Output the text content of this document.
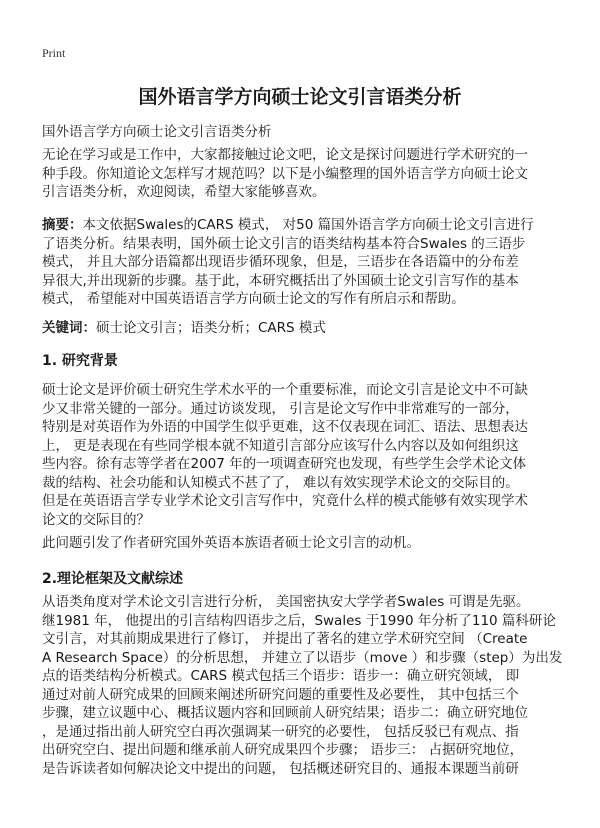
Print
国外语言学方向硕士论文引言语类分析
国外语言学方向硕士论文引言语类分析
无论在学习或是工作中，大家都接触过论文吧，论文是探讨问题进行学术研究的一
种手段。你知道论文怎样写才规范吗？以下是小编整理的国外语言学方向硕士论文
引言语类分析，欢迎阅读，希望大家能够喜欢。
摘要：本文依据Swales的CARS 模式， 对50 篇国外语言学方向硕士论文引言进行
了语类分析。结果表明，国外硕士论文引言的语类结构基本符合Swales 的三语步
模式， 并且大部分语篇都出现语步循环现象，但是，三语步在各语篇中的分布差
异很大,并出现新的步骤。基于此，本研究概括出了外国硕士论文引言写作的基本
模式， 希望能对中国英语语言学方向硕士论文的写作有所启示和帮助。
关键词：硕士论文引言；语类分析；CARS 模式
1. 研究背景
硕士论文是评价硕士研究生学术水平的一个重要标准，而论文引言是论文中不可缺
少又非常关键的一部分。通过访谈发现， 引言是论文写作中非常难写的一部分，
特别是对英语作为外语的中国学生似乎更难，这不仅表现在词汇、语法、思想表达
上， 更是表现在有些同学根本就不知道引言部分应该写什么内容以及如何组织这
些内容。徐有志等学者在2007 年的一项调查研究也发现，有些学生会学术论文体
裁的结构、社会功能和认知模式不甚了了， 难以有效实现学术论文的交际目的。
但是在英语语言学专业学术论文引言写作中，究竟什么样的模式能够有效实现学术
论文的交际目的？
此问题引发了作者研究国外英语本族语者硕士论文引言的动机。
2.理论框架及文献综述
从语类角度对学术论文引言进行分析， 美国密执安大学学者Swales 可谓是先驱。
继1981 年， 他提出的引言结构四语步之后，Swales 于1990 年分析了110 篇科研论
文引言，对其前期成果进行了修订， 并提出了著名的建立学术研究空间 （Create
A Research Space）的分析思想， 并建立了以语步（move ）和步骤（step）为出发
点的语类结构分析模式。CARS 模式包括三个语步：语步一：确立研究领域， 即
通过对前人研究成果的回顾来阐述所研究问题的重要性及必要性， 其中包括三个
步骤，建立议题中心、概括议题内容和回顾前人研究结果；语步二：确立研究地位
，是通过指出前人研究空白再次强调某一研究的必要性， 包括反驳已有观点、指
出研究空白、提出问题和继承前人研究成果四个步骤； 语步三： 占据研究地位，
是告诉读者如何解决论文中提出的问题， 包括概述研究目的、通报本课题当前研
